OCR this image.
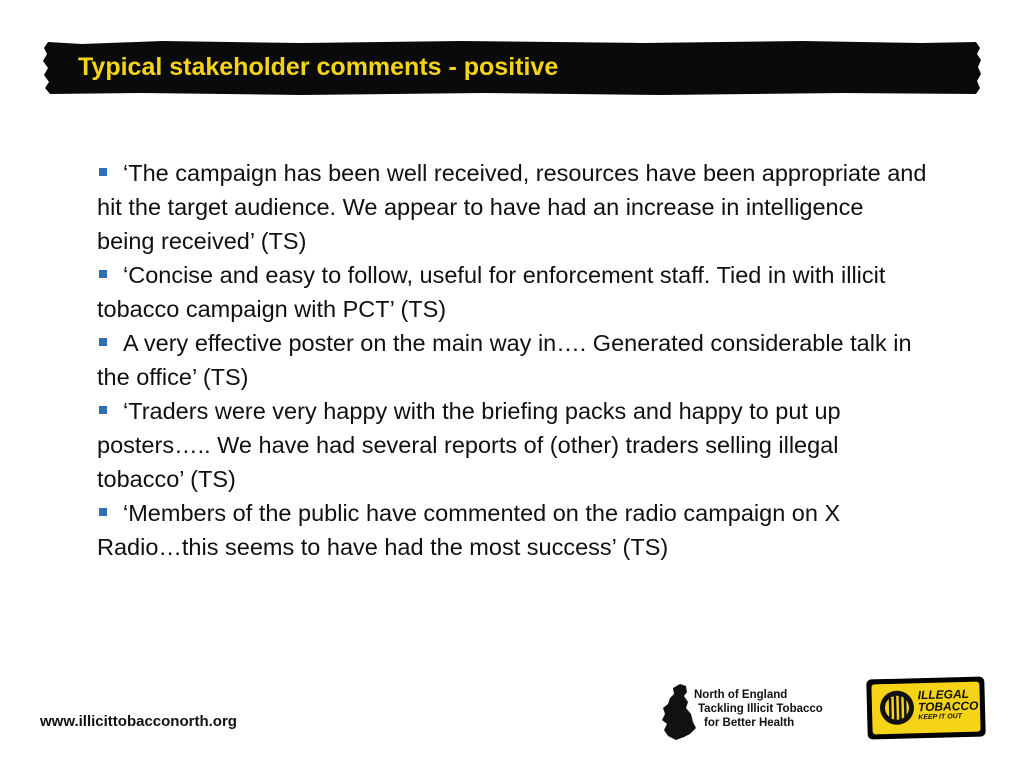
Typical stakeholder comments - positive
‘The campaign has been well received, resources have been appropriate and hit the target audience. We appear to have had an increase in intelligence being received’ (TS)
‘Concise and easy to follow, useful for enforcement staff. Tied in with illicit tobacco campaign with PCT’ (TS)
A very effective poster on the main way in…. Generated considerable talk in the office’ (TS)
‘Traders were very happy with the briefing packs and happy to put up posters….. We have had several reports of (other) traders selling illegal tobacco’ (TS)
‘Members of the public have commented on the radio campaign on X Radio…this seems to have had the most success’ (TS)
www.illicittobacconorth.org
North of England
Tackling Illicit Tobacco
for Better Health
ILLEGAL
TOBACCO
KEEP IT OUT
